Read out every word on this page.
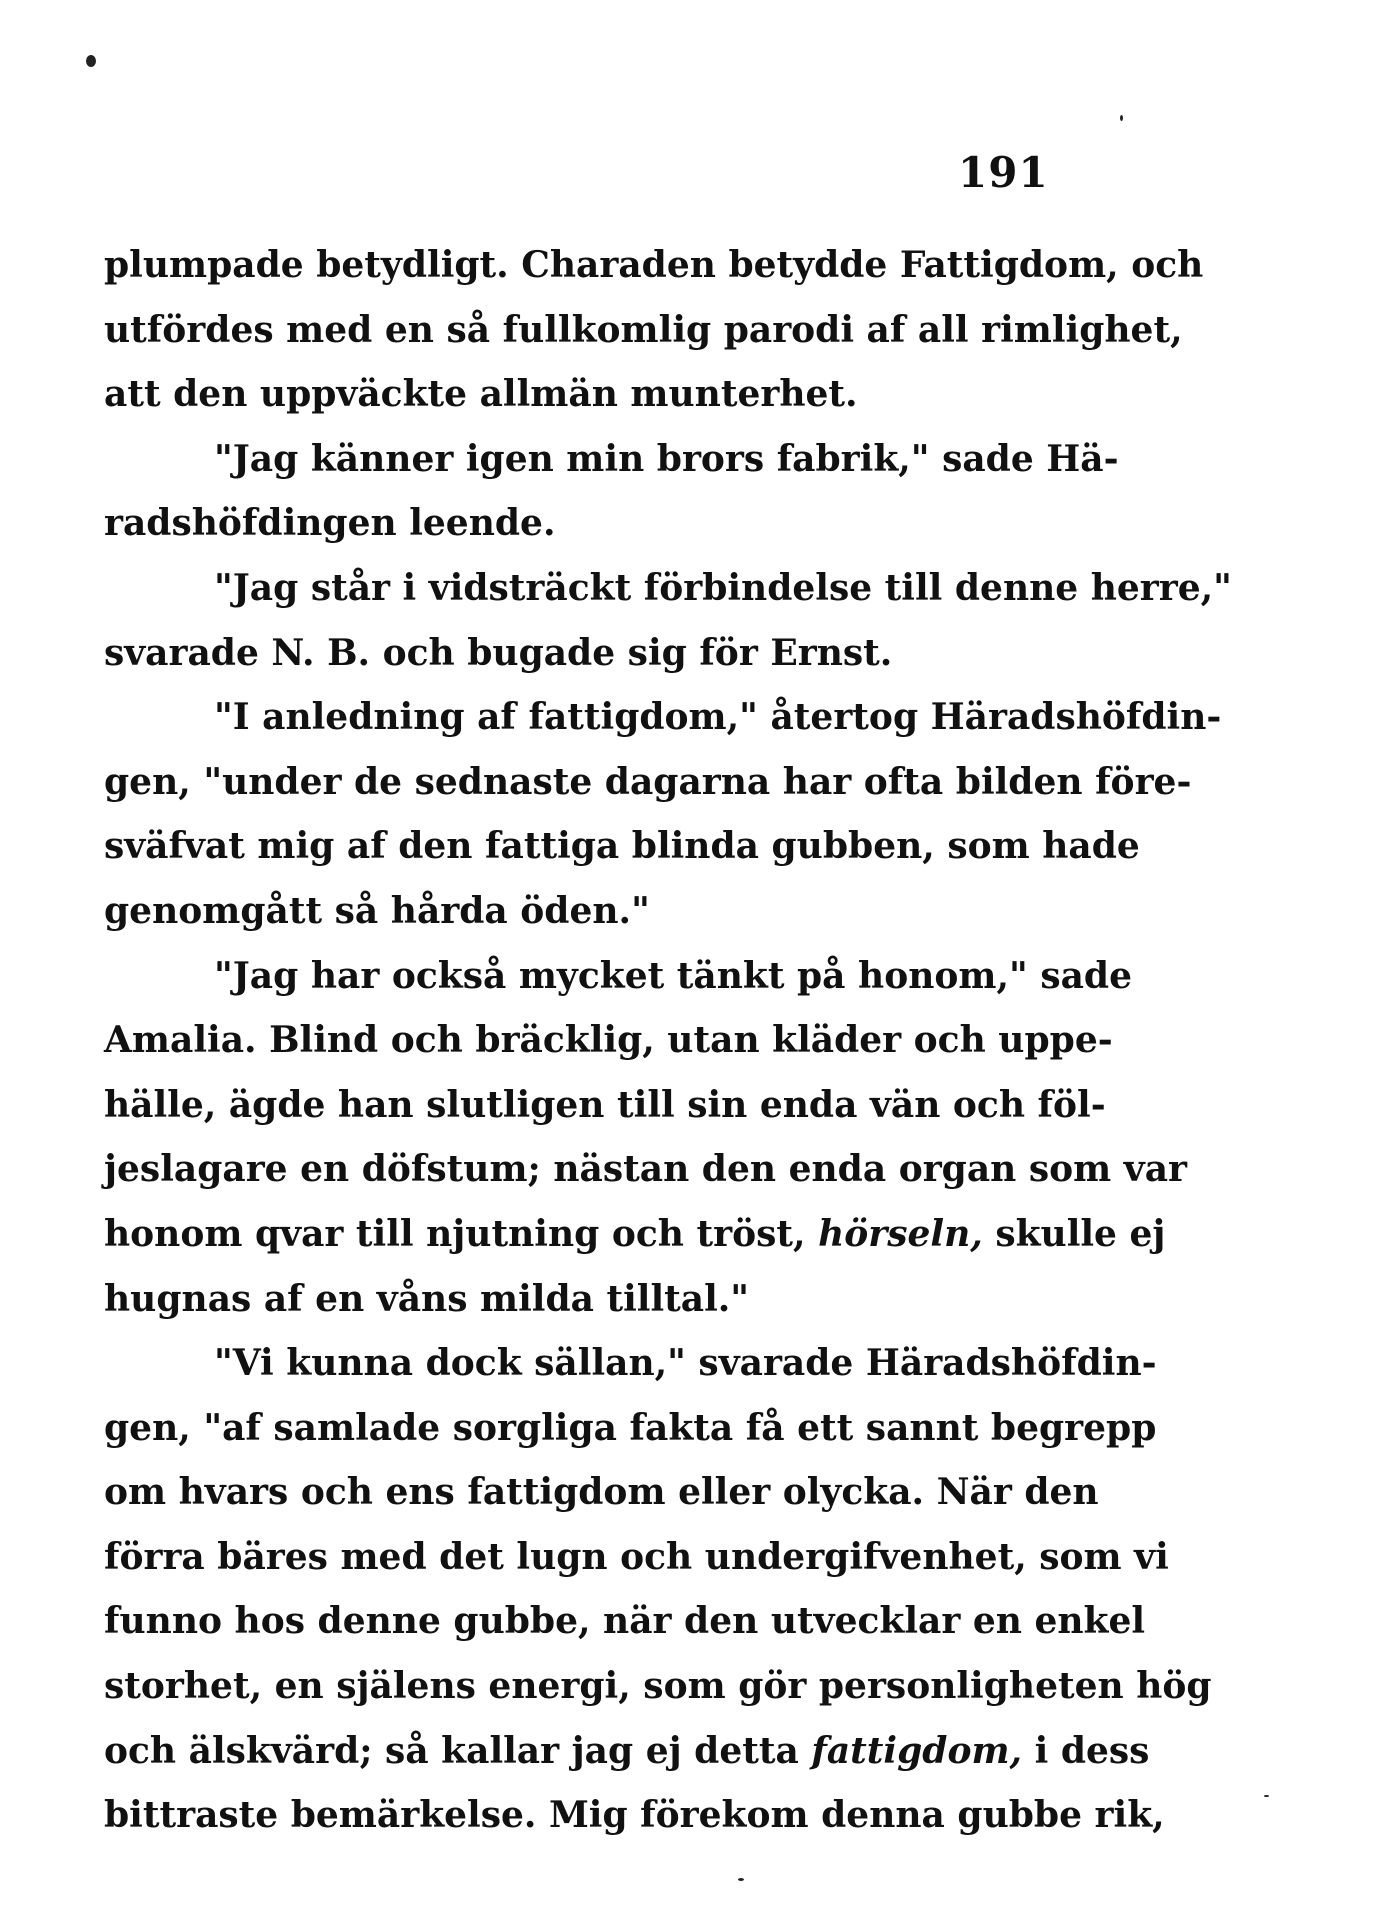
191
plumpade betydligt. Charaden betydde Fattigdom, och
utfördes med en så fullkomlig parodi af all rimlighet,
att den uppväckte allmän munterhet.
"Jag känner igen min brors fabrik," sade Hä-
radshöfdingen leende.
"Jag står i vidsträckt förbindelse till denne herre,"
svarade N. B. och bugade sig för Ernst.
"I anledning af fattigdom," återtog Häradshöfdin-
gen, "under de sednaste dagarna har ofta bilden före-
sväfvat mig af den fattiga blinda gubben, som hade
genomgått så hårda öden."
"Jag har också mycket tänkt på honom," sade
Amalia. Blind och bräcklig, utan kläder och uppe-
hälle, ägde han slutligen till sin enda vän och föl-
jeslagare en döfstum; nästan den enda organ som var
honom qvar till njutning och tröst, hörseln, skulle ej
hugnas af en våns milda tilltal."
"Vi kunna dock sällan," svarade Häradshöfdin-
gen, "af samlade sorgliga fakta få ett sannt begrepp
om hvars och ens fattigdom eller olycka. När den
förra bäres med det lugn och undergifvenhet, som vi
funno hos denne gubbe, när den utvecklar en enkel
storhet, en själens energi, som gör personligheten hög
och älskvärd; så kallar jag ej detta fattigdom, i dess
bittraste bemärkelse. Mig förekom denna gubbe rik,
